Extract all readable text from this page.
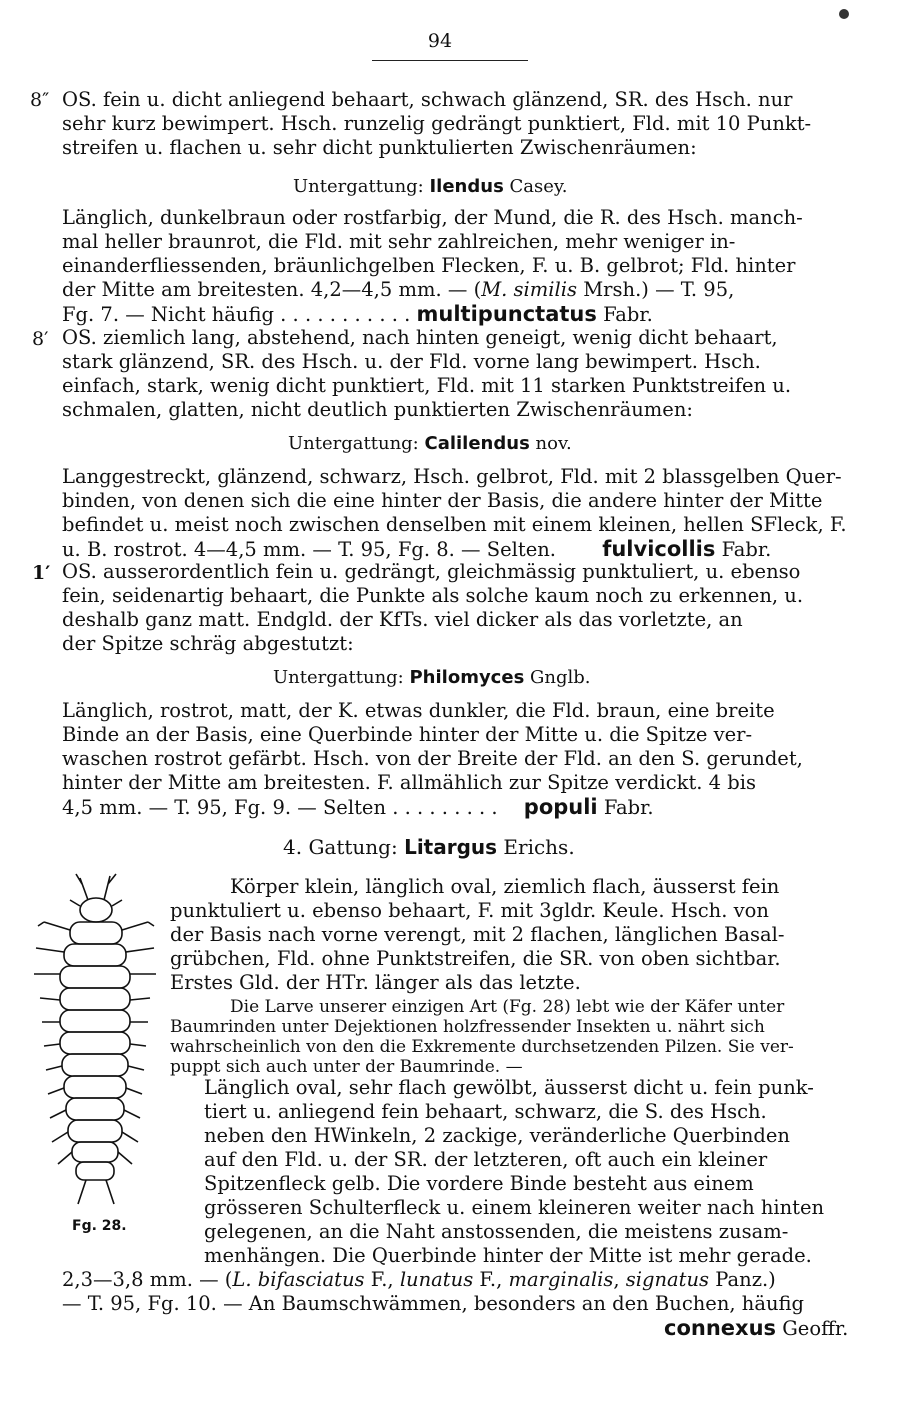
94
8″ OS. fein u. dicht anliegend behaart, schwach glänzend, SR. des Hsch. nur
sehr kurz bewimpert. Hsch. runzelig gedrängt punktiert, Fld. mit 10 Punkt-
streifen u. flachen u. sehr dicht punktulierten Zwischenräumen:
Untergattung: Ilendus Casey.
Länglich, dunkelbraun oder rostfarbig, der Mund, die R. des Hsch. manch-
mal heller braunrot, die Fld. mit sehr zahlreichen, mehr weniger in-
einanderfliessenden, bräunlichgelben Flecken, F. u. B. gelbrot; Fld. hinter
der Mitte am breitesten. 4,2—4,5 mm. — (M. similis Mrsh.) — T. 95,
Fg. 7. — Nicht häufig . . . . . . . . . . . multipunctatus Fabr.
8′ OS. ziemlich lang, abstehend, nach hinten geneigt, wenig dicht behaart,
stark glänzend, SR. des Hsch. u. der Fld. vorne lang bewimpert. Hsch.
einfach, stark, wenig dicht punktiert, Fld. mit 11 starken Punktstreifen u.
schmalen, glatten, nicht deutlich punktierten Zwischenräumen:
Untergattung: Calilendus nov.
Langgestreckt, glänzend, schwarz, Hsch. gelbrot, Fld. mit 2 blassgelben Quer-
binden, von denen sich die eine hinter der Basis, die andere hinter der Mitte
befindet u. meist noch zwischen denselben mit einem kleinen, hellen SFleck, F.
u. B. rostrot. 4—4,5 mm. — T. 95, Fg. 8. — Selten. fulvicollis Fabr.
1′ OS. ausserordentlich fein u. gedrängt, gleichmässig punktuliert, u. ebenso
fein, seidenartig behaart, die Punkte als solche kaum noch zu erkennen, u.
deshalb ganz matt. Endgld. der KfTs. viel dicker als das vorletzte, an
der Spitze schräg abgestutzt:
Untergattung: Philomyces Gnglb.
Länglich, rostrot, matt, der K. etwas dunkler, die Fld. braun, eine breite
Binde an der Basis, eine Querbinde hinter der Mitte u. die Spitze ver-
waschen rostrot gefärbt. Hsch. von der Breite der Fld. an den S. gerundet,
hinter der Mitte am breitesten. F. allmählich zur Spitze verdickt. 4 bis
4,5 mm. — T. 95, Fg. 9. — Selten . . . . . . . . . populi Fabr.
4. Gattung: Litargus Erichs.
Körper klein, länglich oval, ziemlich flach, äusserst fein
punktuliert u. ebenso behaart, F. mit 3gldr. Keule. Hsch. von
der Basis nach vorne verengt, mit 2 flachen, länglichen Basal-
grübchen, Fld. ohne Punktstreifen, die SR. von oben sichtbar.
Erstes Gld. der HTr. länger als das letzte.
Die Larve unserer einzigen Art (Fg. 28) lebt wie der Käfer unter
Baumrinden unter Dejektionen holzfressender Insekten u. nährt sich
wahrscheinlich von den die Exkremente durchsetzenden Pilzen. Sie ver-
puppt sich auch unter der Baumrinde. —
Länglich oval, sehr flach gewölbt, äusserst dicht u. fein punk-
tiert u. anliegend fein behaart, schwarz, die S. des Hsch.
neben den HWinkeln, 2 zackige, veränderliche Querbinden
auf den Fld. u. der SR. der letzteren, oft auch ein kleiner
Spitzenfleck gelb. Die vordere Binde besteht aus einem
grösseren Schulterfleck u. einem kleineren weiter nach hinten
gelegenen, an die Naht anstossenden, die meistens zusam-
menhängen. Die Querbinde hinter der Mitte ist mehr gerade.
2,3—3,8 mm. — (L. bifasciatus F., lunatus F., marginalis, signatus Panz.)
— T. 95, Fg. 10. — An Baumschwämmen, besonders an den Buchen, häufig
connexus Geoffr.
Fg. 28.
